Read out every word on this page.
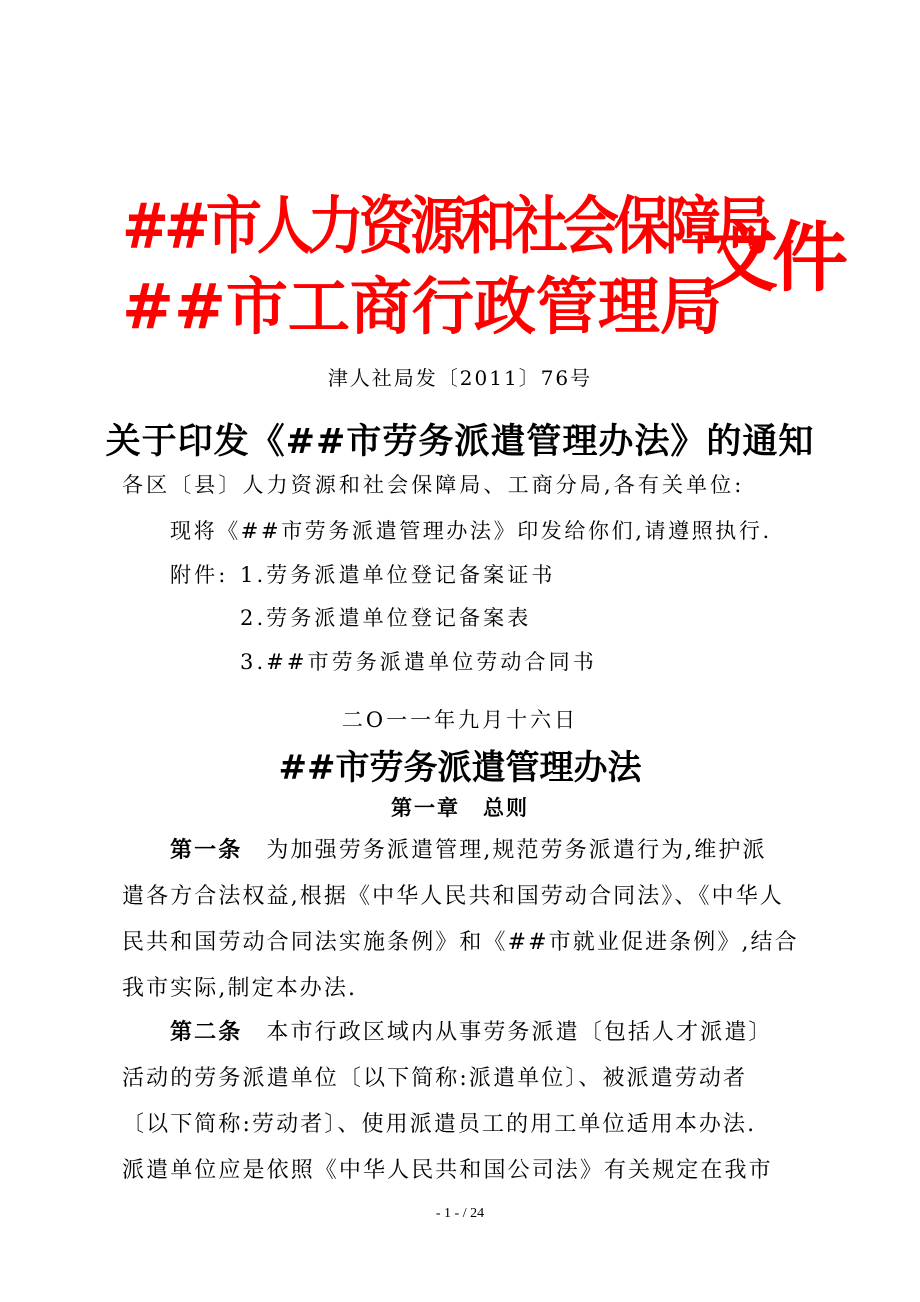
##市人力资源和社会保障局
##市工商行政管理局
文件
津人社局发〔2011〕76号
关于印发《##市劳务派遣管理办法》的通知
各区〔县〕人力资源和社会保障局、工商分局,各有关单位:
现将《##市劳务派遣管理办法》印发给你们,请遵照执行.
附件: 1.劳务派遣单位登记备案证书
2.劳务派遣单位登记备案表
3.##市劳务派遣单位劳动合同书
二O一一年九月十六日
##市劳务派遣管理办法
第一章　总则
第一条　为加强劳务派遣管理,规范劳务派遣行为,维护派
遣各方合法权益,根据《中华人民共和国劳动合同法》、《中华人
民共和国劳动合同法实施条例》和《##市就业促进条例》,结合
我市实际,制定本办法.
第二条　本市行政区域内从事劳务派遣〔包括人才派遣〕
活动的劳务派遣单位〔以下简称:派遣单位〕、被派遣劳动者
〔以下简称:劳动者〕、使用派遣员工的用工单位适用本办法.
派遣单位应是依照《中华人民共和国公司法》有关规定在我市
- 1 - / 24
